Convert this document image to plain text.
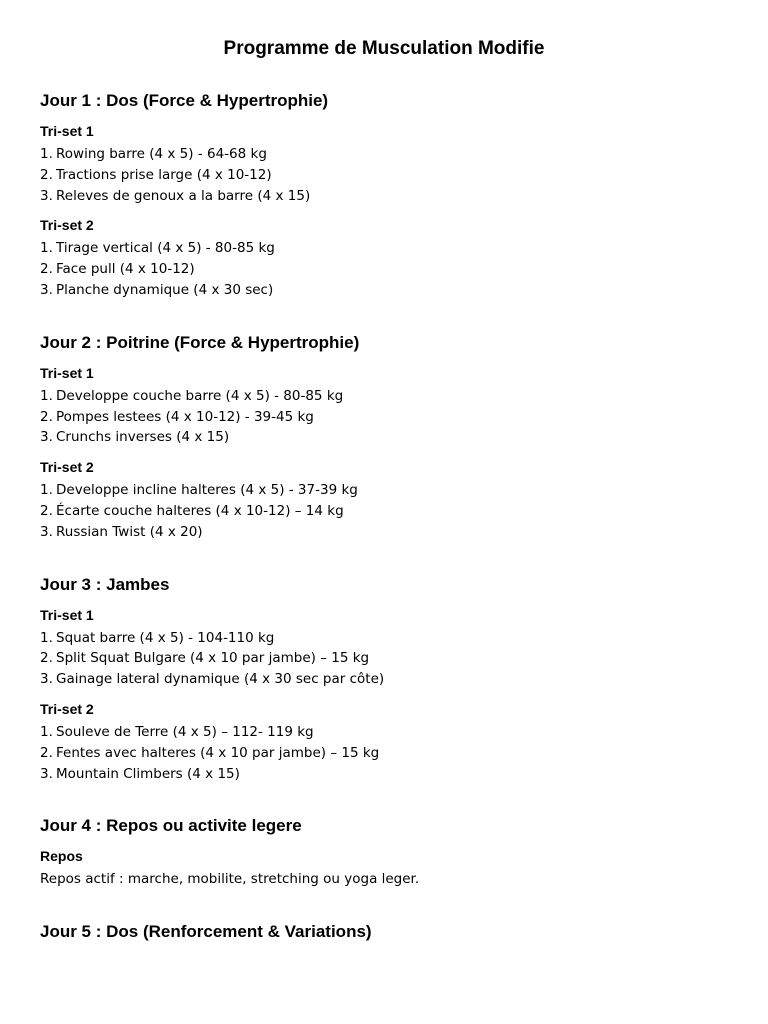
Programme de Musculation Modifie
Jour 1 : Dos (Force & Hypertrophie)
Tri-set 1
1. Rowing barre (4 x 5) - 64-68 kg
2. Tractions prise large (4 x 10-12)
3. Releves de genoux a la barre (4 x 15)
Tri-set 2
1. Tirage vertical (4 x 5) - 80-85 kg
2. Face pull (4 x 10-12)
3. Planche dynamique (4 x 30 sec)
Jour 2 : Poitrine (Force & Hypertrophie)
Tri-set 1
1. Developpe couche barre (4 x 5) - 80-85 kg
2. Pompes lestees (4 x 10-12) - 39-45 kg
3. Crunchs inverses (4 x 15)
Tri-set 2
1. Developpe incline halteres (4 x 5) - 37-39 kg
2. Écarte couche halteres (4 x 10-12) – 14 kg
3. Russian Twist (4 x 20)
Jour 3 : Jambes
Tri-set 1
1. Squat barre (4 x 5) - 104-110 kg
2. Split Squat Bulgare (4 x 10 par jambe) – 15 kg
3. Gainage lateral dynamique (4 x 30 sec par côte)
Tri-set 2
1. Souleve de Terre (4 x 5) – 112- 119 kg
2. Fentes avec halteres (4 x 10 par jambe) – 15 kg
3. Mountain Climbers (4 x 15)
Jour 4 : Repos ou activite legere
Repos

Repos actif : marche, mobilite, stretching ou yoga leger.

Jour 5 : Dos (Renforcement & Variations)
